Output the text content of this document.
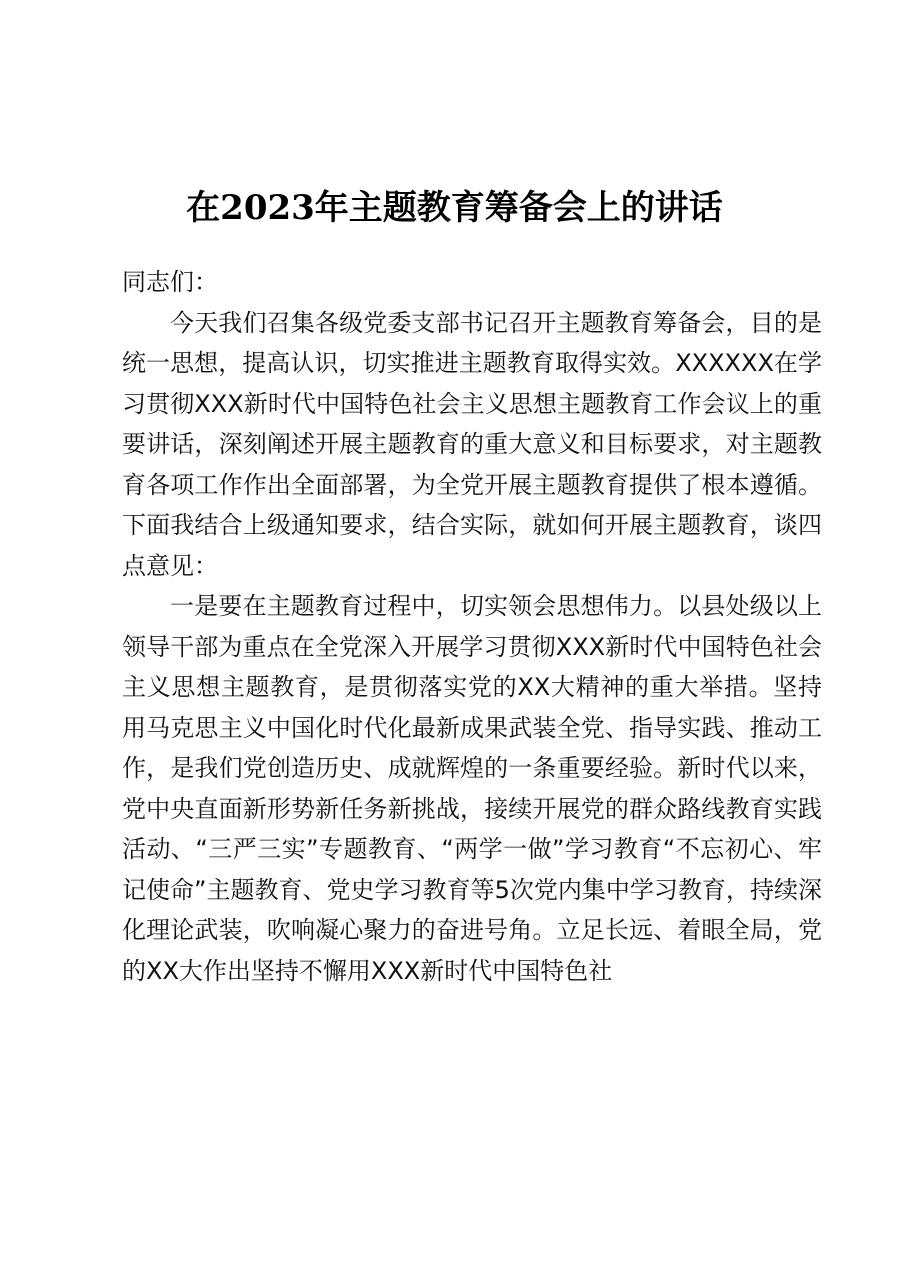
在2023年主题教育筹备会上的讲话

同志们：

今天我们召集各级党委支部书记召开主题教育筹备会，目的是统一思想，提高认识，切实推进主题教育取得实效。XXXXXX在学习贯彻XXX新时代中国特色社会主义思想主题教育工作会议上的重要讲话，深刻阐述开展主题教育的重大意义和目标要求，对主题教育各项工作作出全面部署，为全党开展主题教育提供了根本遵循。下面我结合上级通知要求，结合实际，就如何开展主题教育，谈四点意见：

一是要在主题教育过程中，切实领会思想伟力。以县处级以上领导干部为重点在全党深入开展学习贯彻XXX新时代中国特色社会主义思想主题教育，是贯彻落实党的XX大精神的重大举措。坚持用马克思主义中国化时代化最新成果武装全党、指导实践、推动工作，是我们党创造历史、成就辉煌的一条重要经验。新时代以来，党中央直面新形势新任务新挑战，接续开展党的群众路线教育实践活动、“三严三实”专题教育、“两学一做”学习教育“不忘初心、牢记使命”主题教育、党史学习教育等5次党内集中学习教育，持续深化理论武装，吹响凝心聚力的奋进号角。立足长远、着眼全局，党的XX大作出坚持不懈用XXX新时代中国特色社
